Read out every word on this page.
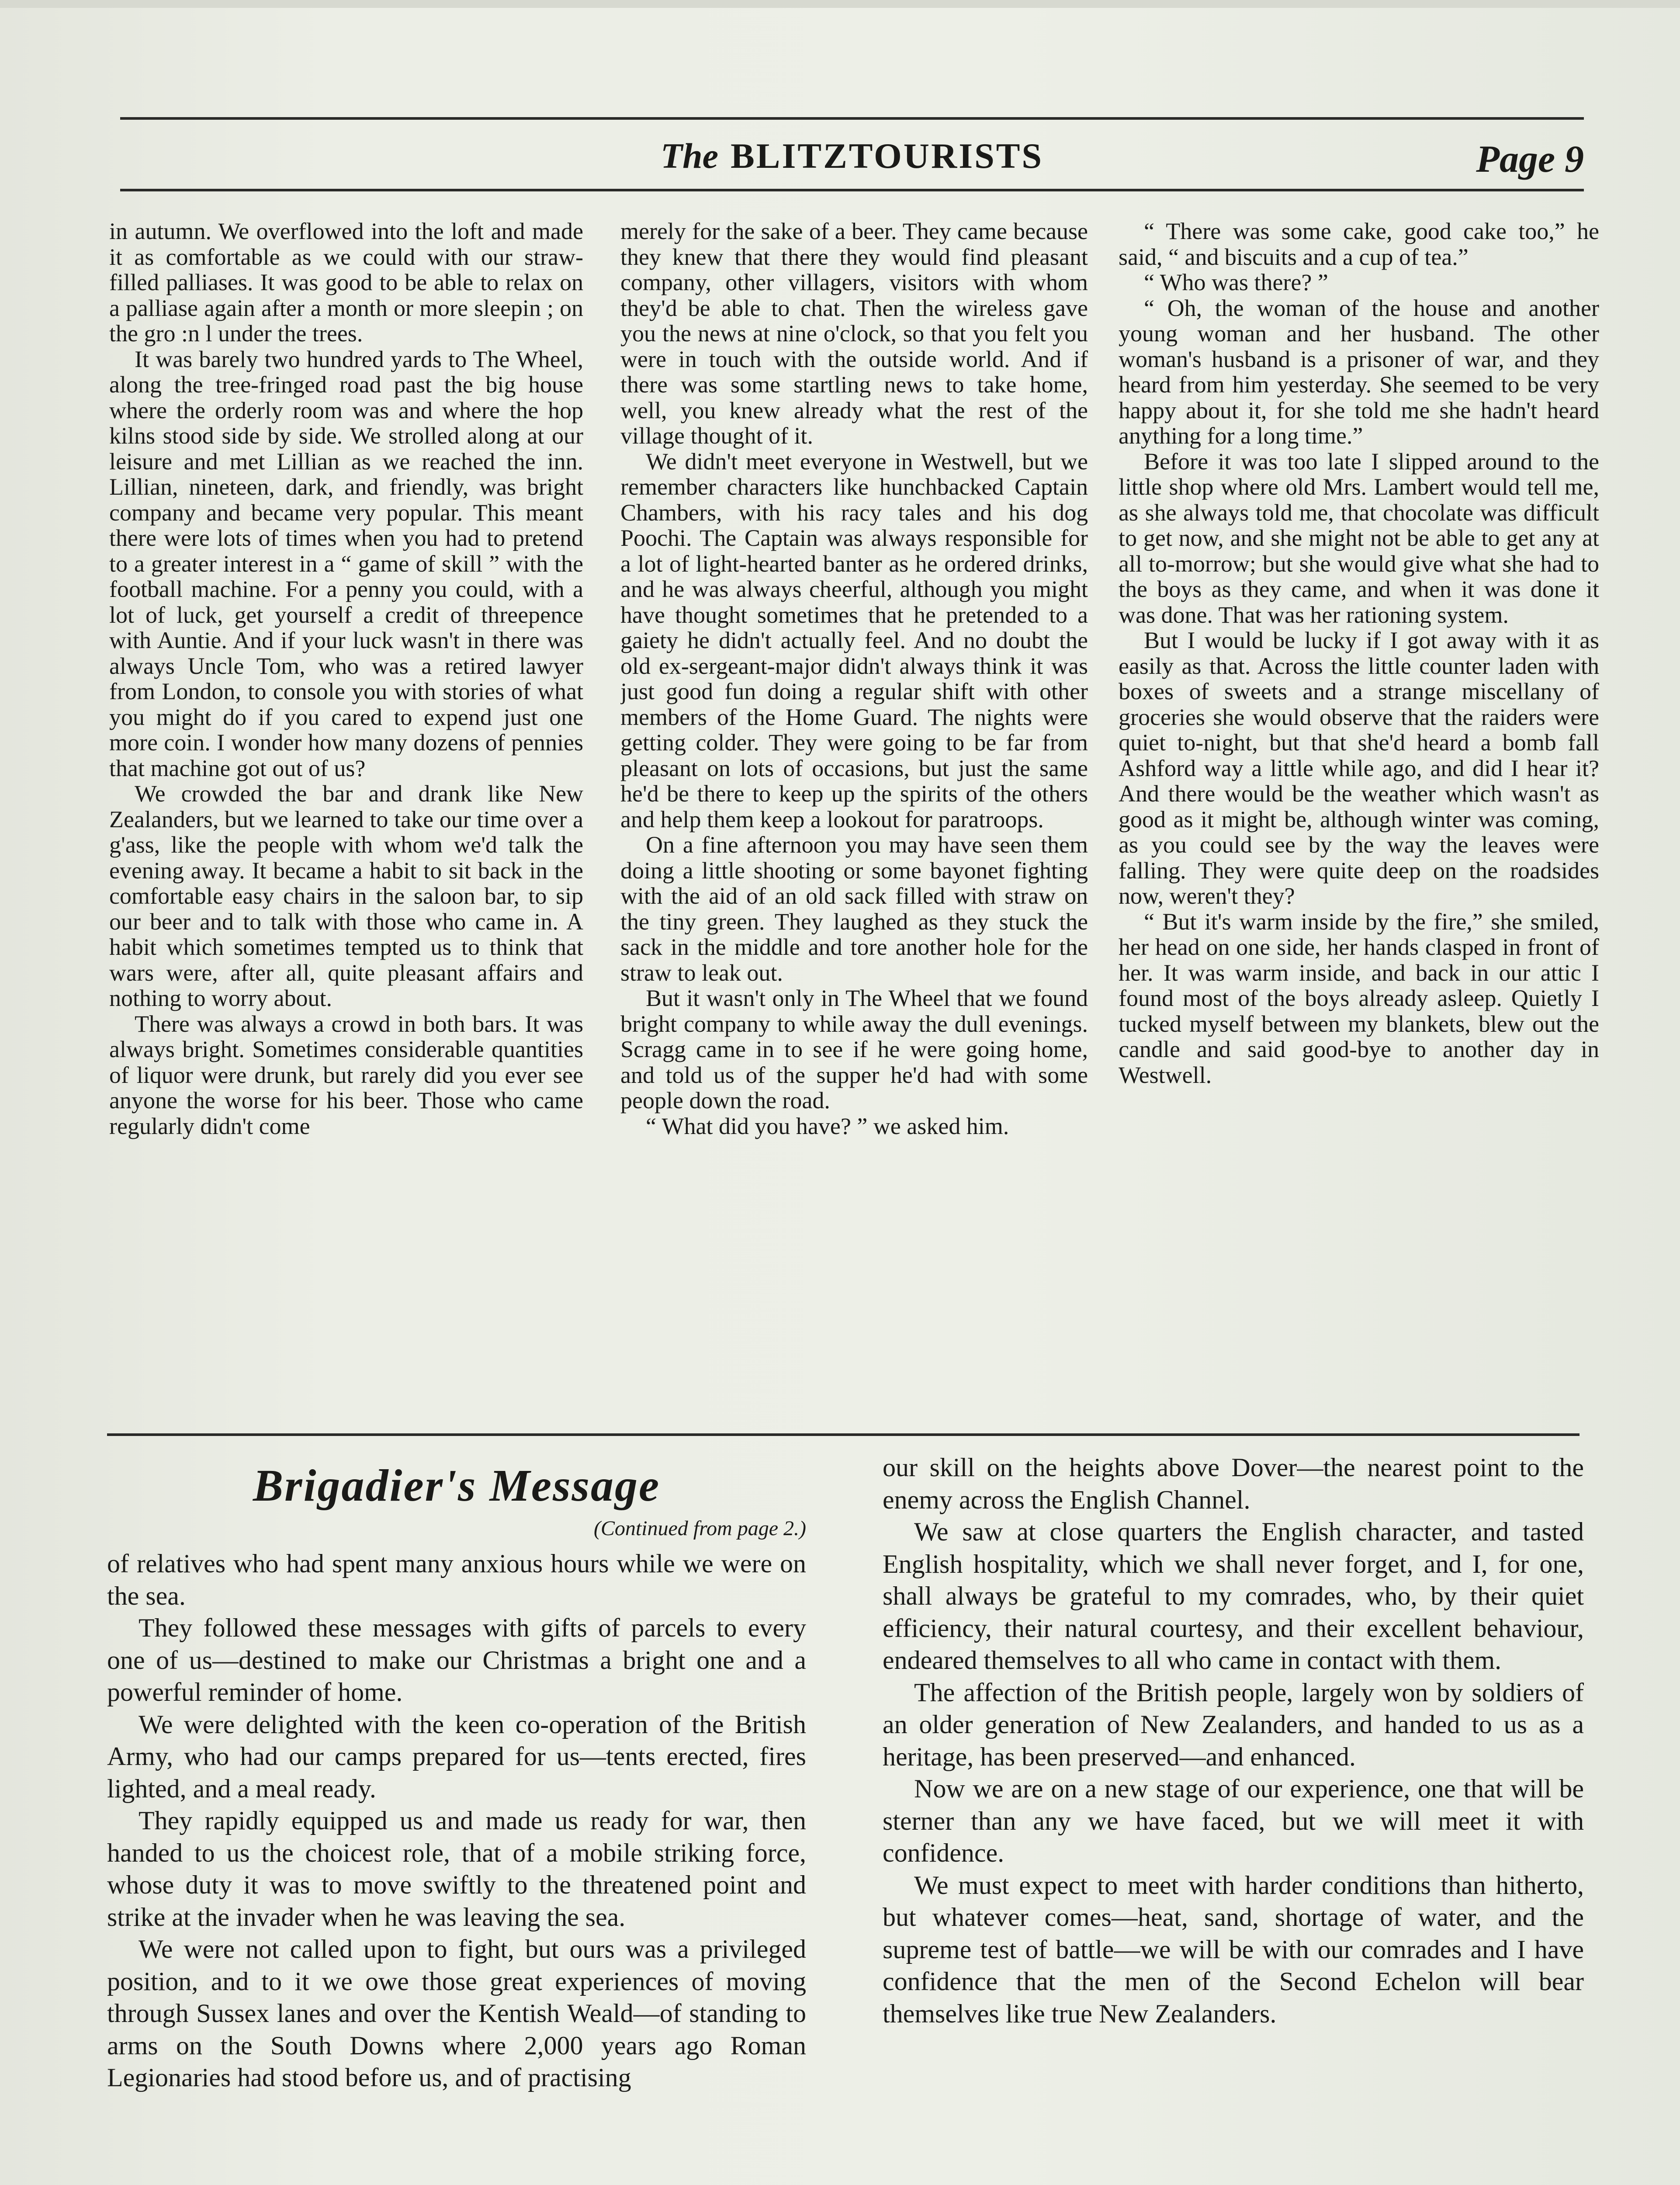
The BLITZTOURISTS	Page 9

in autumn. We overflowed into the loft and made it as comfortable as we could with our straw-filled palliases. It was good to be able to relax on a palliase again after a month or more sleepin ; on the gro :n l under the trees.

It was barely two hundred yards to The Wheel, along the tree-fringed road past the big house where the orderly room was and where the hop kilns stood side by side. We strolled along at our leisure and met Lillian as we reached the inn. Lillian, nineteen, dark, and friendly, was bright company and became very popular. This meant there were lots of times when you had to pretend to a greater interest in a “ game of skill ” with the football machine. For a penny you could, with a lot of luck, get yourself a credit of threepence with Auntie. And if your luck wasn't in there was always Uncle Tom, who was a retired lawyer from London, to console you with stories of what you might do if you cared to expend just one more coin. I wonder how many dozens of pennies that machine got out of us?

We crowded the bar and drank like New Zealanders, but we learned to take our time over a g'ass, like the people with whom we'd talk the evening away. It became a habit to sit back in the comfortable easy chairs in the saloon bar, to sip our beer and to talk with those who came in. A habit which sometimes tempted us to think that wars were, after all, quite pleasant affairs and nothing to worry about.

There was always a crowd in both bars. It was always bright. Sometimes considerable quantities of liquor were drunk, but rarely did you ever see anyone the worse for his beer. Those who came regularly didn't come

merely for the sake of a beer. They came because they knew that there they would find pleasant company, other villagers, visitors with whom they'd be able to chat. Then the wireless gave you the news at nine o'clock, so that you felt you were in touch with the outside world. And if there was some startling news to take home, well, you knew already what the rest of the village thought of it.

We didn't meet everyone in Westwell, but we remember characters like hunchbacked Captain Chambers, with his racy tales and his dog Poochi. The Captain was always responsible for a lot of light-hearted banter as he ordered drinks, and he was always cheerful, although you might have thought sometimes that he pretended to a gaiety he didn't actually feel. And no doubt the old ex-sergeant-major didn't always think it was just good fun doing a regular shift with other members of the Home Guard. The nights were getting colder. They were going to be far from pleasant on lots of occasions, but just the same he'd be there to keep up the spirits of the others and help them keep a lookout for paratroops.

On a fine afternoon you may have seen them doing a little shooting or some bayonet fighting with the aid of an old sack filled with straw on the tiny green. They laughed as they stuck the sack in the middle and tore another hole for the straw to leak out.

But it wasn't only in The Wheel that we found bright company to while away the dull evenings. Scragg came in to see if he were going home, and told us of the supper he'd had with some people down the road.

“ What did you have? ” we asked him.

“ There was some cake, good cake too,” he said, “ and biscuits and a cup of tea.”

“ Who was there? ”

“ Oh, the woman of the house and another young woman and her husband. The other woman's husband is a prisoner of war, and they heard from him yesterday. She seemed to be very happy about it, for she told me she hadn't heard anything for a long time.”

Before it was too late I slipped around to the little shop where old Mrs. Lambert would tell me, as she always told me, that chocolate was difficult to get now, and she might not be able to get any at all to-morrow; but she would give what she had to the boys as they came, and when it was done it was done. That was her rationing system.

But I would be lucky if I got away with it as easily as that. Across the little counter laden with boxes of sweets and a strange miscellany of groceries she would observe that the raiders were quiet to-night, but that she'd heard a bomb fall Ashford way a little while ago, and did I hear it? And there would be the weather which wasn't as good as it might be, although winter was coming, as you could see by the way the leaves were falling. They were quite deep on the roadsides now, weren't they?

“ But it's warm inside by the fire,” she smiled, her head on one side, her hands clasped in front of her. It was warm inside, and back in our attic I found most of the boys already asleep. Quietly I tucked myself between my blankets, blew out the candle and said good-bye to another day in Westwell.

Brigadier's Message
(Continued from page 2.)

of relatives who had spent many anxious hours while we were on the sea.

They followed these messages with gifts of parcels to every one of us—destined to make our Christmas a bright one and a powerful reminder of home.

We were delighted with the keen co-operation of the British Army, who had our camps prepared for us—tents erected, fires lighted, and a meal ready.

They rapidly equipped us and made us ready for war, then handed to us the choicest role, that of a mobile striking force, whose duty it was to move swiftly to the threatened point and strike at the invader when he was leaving the sea.

We were not called upon to fight, but ours was a privileged position, and to it we owe those great experiences of moving through Sussex lanes and over the Kentish Weald—of standing to arms on the South Downs where 2,000 years ago Roman Legionaries had stood before us, and of practising

our skill on the heights above Dover—the nearest point to the enemy across the English Channel.

We saw at close quarters the English character, and tasted English hospitality, which we shall never forget, and I, for one, shall always be grateful to my comrades, who, by their quiet efficiency, their natural courtesy, and their excellent behaviour, endeared themselves to all who came in contact with them.

The affection of the British people, largely won by soldiers of an older generation of New Zealanders, and handed to us as a heritage, has been preserved—and enhanced.

Now we are on a new stage of our experience, one that will be sterner than any we have faced, but we will meet it with confidence.

We must expect to meet with harder conditions than hitherto, but whatever comes—heat, sand, shortage of water, and the supreme test of battle—we will be with our comrades and I have confidence that the men of the Second Echelon will bear themselves like true New Zealanders.
